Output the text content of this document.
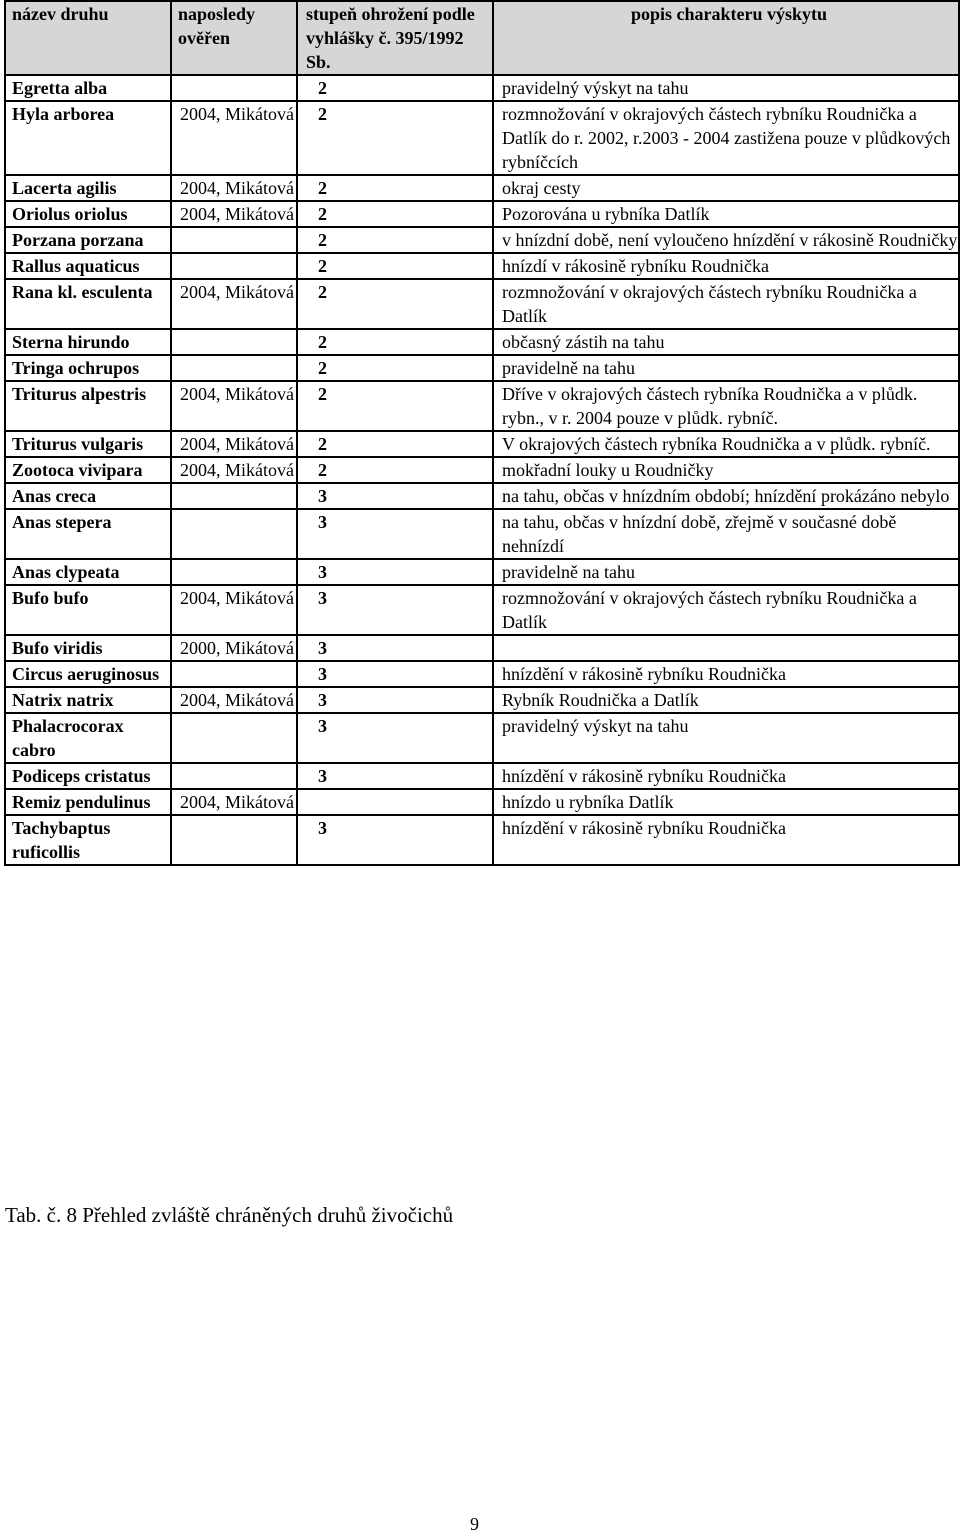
název druhu	naposledy ověřen	stupeň ohrožení podle vyhlášky č. 395/1992 Sb.	popis charakteru výskytu
Egretta alba		2	pravidelný výskyt na tahu
Hyla arborea	2004, Mikátová	2	rozmnožování v okrajových částech rybníku Roudnička a Datlík do r. 2002, r.2003 - 2004 zastižena pouze v plůdkových rybníčcích
Lacerta agilis	2004, Mikátová	2	okraj cesty
Oriolus oriolus	2004, Mikátová	2	Pozorována u rybníka Datlík
Porzana porzana		2	v hnízdní době, není vyloučeno hnízdění v rákosině Roudničky
Rallus aquaticus		2	hnízdí v rákosině rybníku Roudnička
Rana kl. esculenta	2004, Mikátová	2	rozmnožování v okrajových částech rybníku Roudnička a Datlík
Sterna hirundo		2	občasný zástih na tahu
Tringa ochrupos		2	pravidelně na tahu
Triturus alpestris	2004, Mikátová	2	Dříve v okrajových částech rybníka Roudnička a v plůdk. rybn., v r. 2004 pouze v plůdk. rybníč.
Triturus vulgaris	2004, Mikátová	2	V okrajových částech rybníka Roudnička a v plůdk. rybníč.
Zootoca vivipara	2004, Mikátová	2	mokřadní louky u Roudničky
Anas creca		3	na tahu, občas v hnízdním období; hnízdění prokázáno nebylo
Anas stepera		3	na tahu, občas v hnízdní době, zřejmě v současné době nehnízdí
Anas clypeata		3	pravidelně na tahu
Bufo bufo	2004, Mikátová	3	rozmnožování v okrajových částech rybníku Roudnička a Datlík
Bufo viridis	2000, Mikátová	3	
Circus aeruginosus		3	hnízdění v rákosině rybníku Roudnička
Natrix natrix	2004, Mikátová	3	Rybník Roudnička a Datlík
Phalacrocorax cabro		3	pravidelný výskyt na tahu
Podiceps cristatus		3	hnízdění v rákosině rybníku Roudnička
Remiz pendulinus	2004, Mikátová		hnízdo u rybníka Datlík
Tachybaptus ruficollis		3	hnízdění v rákosině rybníku Roudnička
Tab. č. 8 Přehled zvláště chráněných druhů živočichů
9
